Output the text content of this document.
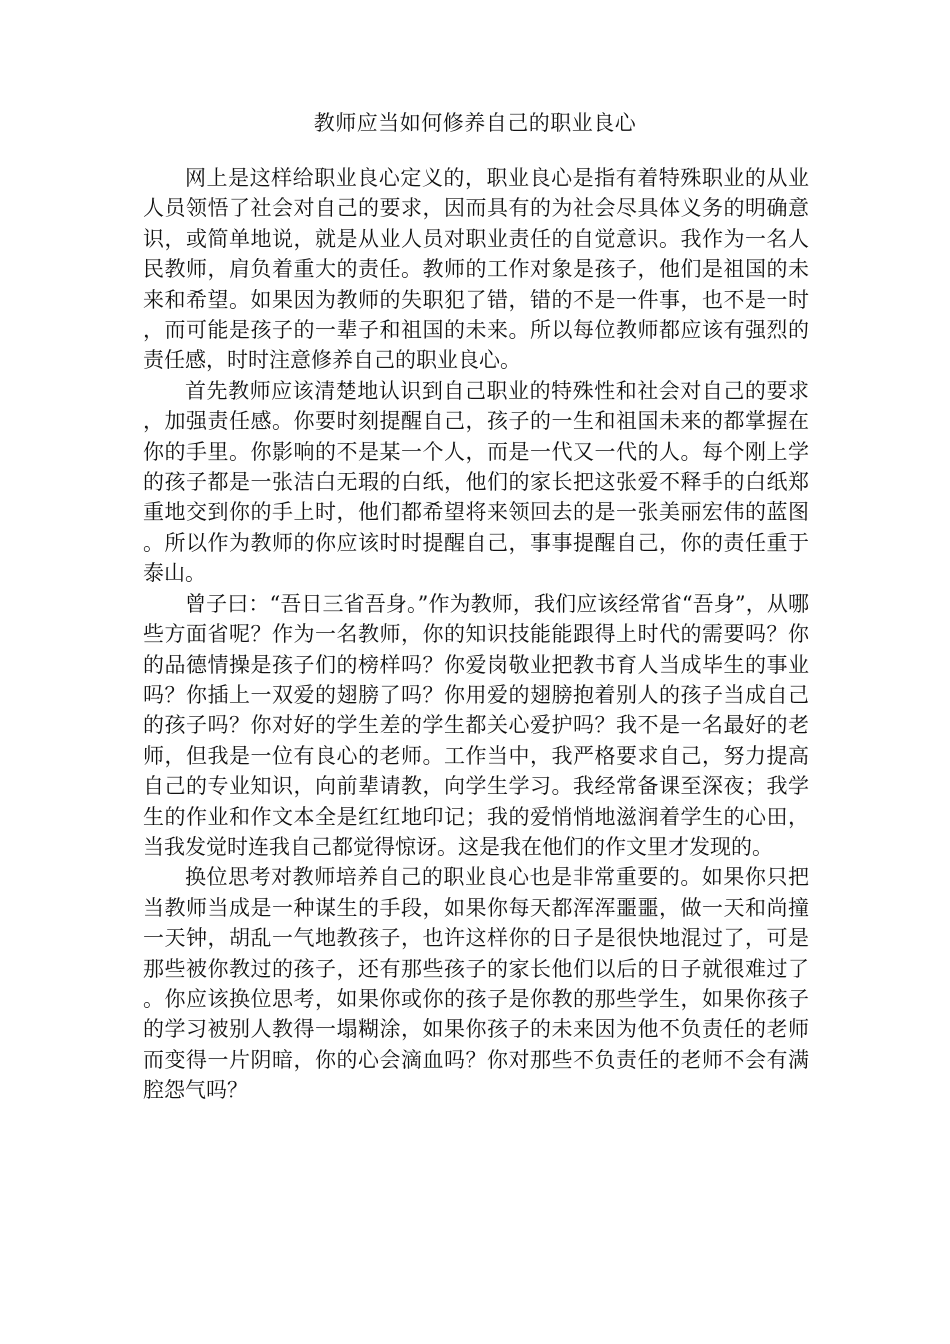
教师应当如何修养自己的职业良心

网上是这样给职业良心定义的，职业良心是指有着特殊职业的从业人员领悟了社会对自己的要求，因而具有的为社会尽具体义务的明确意识，或简单地说，就是从业人员对职业责任的自觉意识。我作为一名人民教师，肩负着重大的责任。教师的工作对象是孩子，他们是祖国的未来和希望。如果因为教师的失职犯了错，错的不是一件事，也不是一时，而可能是孩子的一辈子和祖国的未来。所以每位教师都应该有强烈的责任感，时时注意修养自己的职业良心。

首先教师应该清楚地认识到自己职业的特殊性和社会对自己的要求，加强责任感。你要时刻提醒自己，孩子的一生和祖国未来的都掌握在你的手里。你影响的不是某一个人，而是一代又一代的人。每个刚上学的孩子都是一张洁白无瑕的白纸，他们的家长把这张爱不释手的白纸郑重地交到你的手上时，他们都希望将来领回去的是一张美丽宏伟的蓝图。所以作为教师的你应该时时提醒自己，事事提醒自己，你的责任重于泰山。

曾子曰：“吾日三省吾身。”作为教师，我们应该经常省“吾身”，从哪些方面省呢？作为一名教师，你的知识技能能跟得上时代的需要吗？你的品德情操是孩子们的榜样吗？你爱岗敬业把教书育人当成毕生的事业吗？你插上一双爱的翅膀了吗？你用爱的翅膀抱着别人的孩子当成自己的孩子吗？你对好的学生差的学生都关心爱护吗？我不是一名最好的老师，但我是一位有良心的老师。工作当中，我严格要求自己，努力提高自己的专业知识，向前辈请教，向学生学习。我经常备课至深夜；我学生的作业和作文本全是红红地印记；我的爱悄悄地滋润着学生的心田，当我发觉时连我自己都觉得惊讶。这是我在他们的作文里才发现的。

换位思考对教师培养自己的职业良心也是非常重要的。如果你只把当教师当成是一种谋生的手段，如果你每天都浑浑噩噩，做一天和尚撞一天钟，胡乱一气地教孩子，也许这样你的日子是很快地混过了，可是那些被你教过的孩子，还有那些孩子的家长他们以后的日子就很难过了。你应该换位思考，如果你或你的孩子是你教的那些学生，如果你孩子的学习被别人教得一塌糊涂，如果你孩子的未来因为他不负责任的老师而变得一片阴暗，你的心会滴血吗？你对那些不负责任的老师不会有满腔怨气吗？
